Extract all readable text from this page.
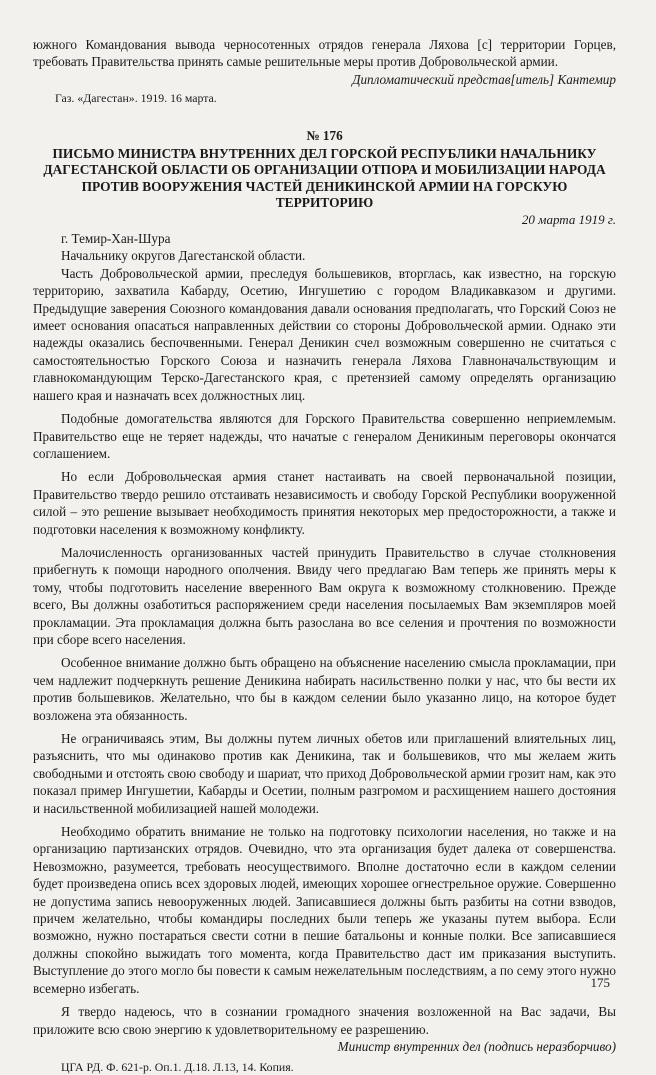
южного Командования вывода черносотенных отрядов генерала Ляхова [с] территории Горцев, требовать Правительства принять самые решительные меры против Добровольческой армии.

Дипломатический представ[итель] Кантемир

Газ. «Дагестан». 1919. 16 марта.

№ 176
ПИСЬМО МИНИСТРА ВНУТРЕННИХ ДЕЛ ГОРСКОЙ РЕСПУБЛИКИ НАЧАЛЬНИКУ ДАГЕСТАНСКОЙ ОБЛАСТИ ОБ ОРГАНИЗАЦИИ ОТПОРА И МОБИЛИЗАЦИИ НАРОДА ПРОТИВ ВООРУЖЕНИЯ ЧАСТЕЙ ДЕНИКИНСКОЙ АРМИИ НА ГОРСКУЮ ТЕРРИТОРИЮ
20 марта 1919 г.

г. Темир-Хан-Шура

Начальнику округов Дагестанской области.

Часть Добровольческой армии, преследуя большевиков, вторглась, как известно, на горскую территорию, захватила Кабарду, Осетию, Ингушетию с городом Владикавказом и другими. Предыдущие заверения Союзного командования давали основания предполагать, что Горский Союз не имеет основания опасаться направленных действии со стороны Добровольческой армии. Однако эти надежды оказались беспочвенными. Генерал Деникин счел возможным совершенно не считаться с самостоятельностью Горского Союза и назначить генерала Ляхова Главноначальствующим и главнокомандующим Терско-Дагестанского края, с претензией самому определять организацию нашего края и назначать всех должностных лиц.

Подобные домогательства являются для Горского Правительства совершенно неприемлемым. Правительство еще не теряет надежды, что начатые с генералом Деникиным переговоры окончатся соглашением.

Но если Добровольческая армия станет настаивать на своей первоначальной позиции, Правительство твердо решило отстаивать независимость и свободу Горской Республики вооруженной силой – это решение вызывает необходимость принятия некоторых мер предосторожности, а также и подготовки населения к возможному конфликту.

Малочисленность организованных частей принудить Правительство в случае столкновения прибегнуть к помощи народного ополчения. Ввиду чего предлагаю Вам теперь же принять меры к тому, чтобы подготовить население вверенного Вам округа к возможному столкновению. Прежде всего, Вы должны озаботиться распоряжением среди населения посылаемых Вам экземпляров моей прокламации. Эта прокламация должна быть разослана во все селения и прочтения по возможности при сборе всего населения.

Особенное внимание должно быть обращено на объяснение населению смысла прокламации, при чем надлежит подчеркнуть решение Деникина набирать насильственно полки у нас, что бы вести их против большевиков. Желательно, что бы в каждом селении было указанно лицо, на которое будет возложена эта обязанность.

Не ограничиваясь этим, Вы должны путем личных обетов или приглашений влиятельных лиц, разъяснить, что мы одинаково против как Деникина, так и большевиков, что мы желаем жить свободными и отстоять свою свободу и шариат, что приход Добровольческой армии грозит нам, как это показал пример Ингушетии, Кабарды и Осетии, полным разгромом и расхищением нашего достояния и насильственной мобилизацией нашей молодежи.

Необходимо обратить внимание не только на подготовку психологии населения, но также и на организацию партизанских отрядов. Очевидно, что эта организация будет далека от совершенства. Невозможно, разумеется, требовать неосуществимого. Вполне достаточно если в каждом селении будет произведена опись всех здоровых людей, имеющих хорошее огнестрельное оружие. Совершенно не допустима запись невооруженных людей. Записавшиеся должны быть разбиты на сотни взводов, причем желательно, чтобы командиры последних были теперь же указаны путем выбора. Если возможно, нужно постараться свести сотни в пешие батальоны и конные полки. Все записавшиеся должны спокойно выжидать того момента, когда Правительство даст им приказания выступить. Выступление до этого могло бы повести к самым нежелательным последствиям, а по сему этого нужно всемерно избегать.

Я твердо надеюсь, что в сознании громадного значения возложенной на Вас задачи, Вы приложите всю свою энергию к удовлетворительному ее разрешению.

Министр внутренних дел (подпись неразборчиво)

ЦГА РД. Ф. 621-р. Оп.1. Д.18. Л.13, 14. Копия.

175
